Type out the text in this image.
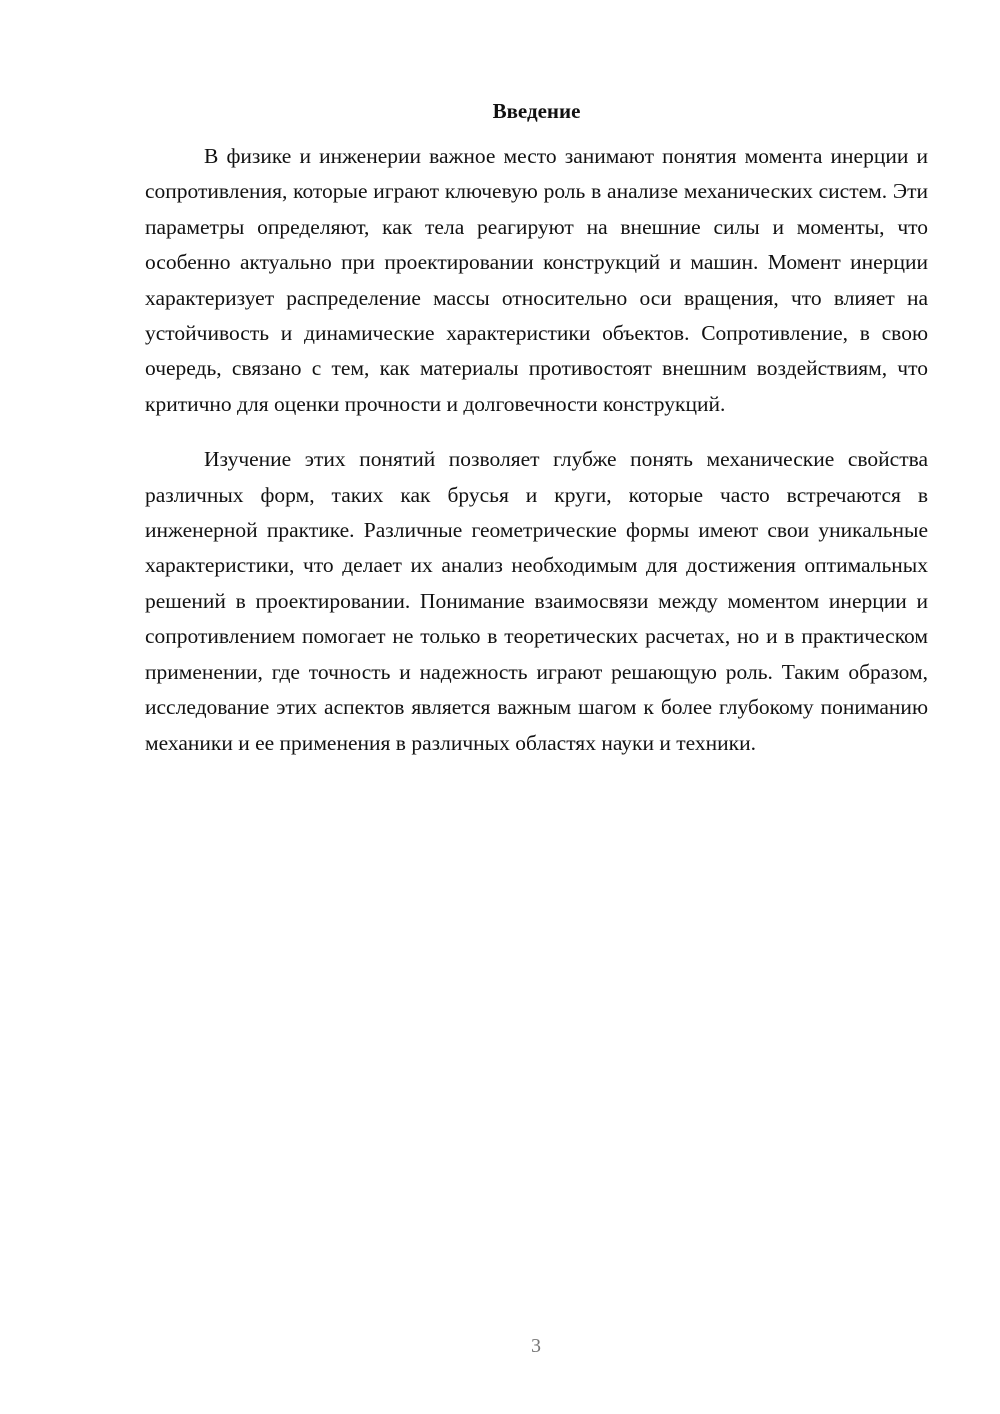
Введение

В физике и инженерии важное место занимают понятия момента инерции и сопротивления, которые играют ключевую роль в анализе механических систем. Эти параметры определяют, как тела реагируют на внешние силы и моменты, что особенно актуально при проектировании конструкций и машин. Момент инерции характеризует распределение массы относительно оси вращения, что влияет на устойчивость и динамические характеристики объектов. Сопротивление, в свою очередь, связано с тем, как материалы противостоят внешним воздействиям, что критично для оценки прочности и долговечности конструкций.

Изучение этих понятий позволяет глубже понять механические свойства различных форм, таких как брусья и круги, которые часто встречаются в инженерной практике. Различные геометрические формы имеют свои уникальные характеристики, что делает их анализ необходимым для достижения оптимальных решений в проектировании. Понимание взаимосвязи между моментом инерции и сопротивлением помогает не только в теоретических расчетах, но и в практическом применении, где точность и надежность играют решающую роль. Таким образом, исследование этих аспектов является важным шагом к более глубокому пониманию механики и ее применения в различных областях науки и техники.

3
